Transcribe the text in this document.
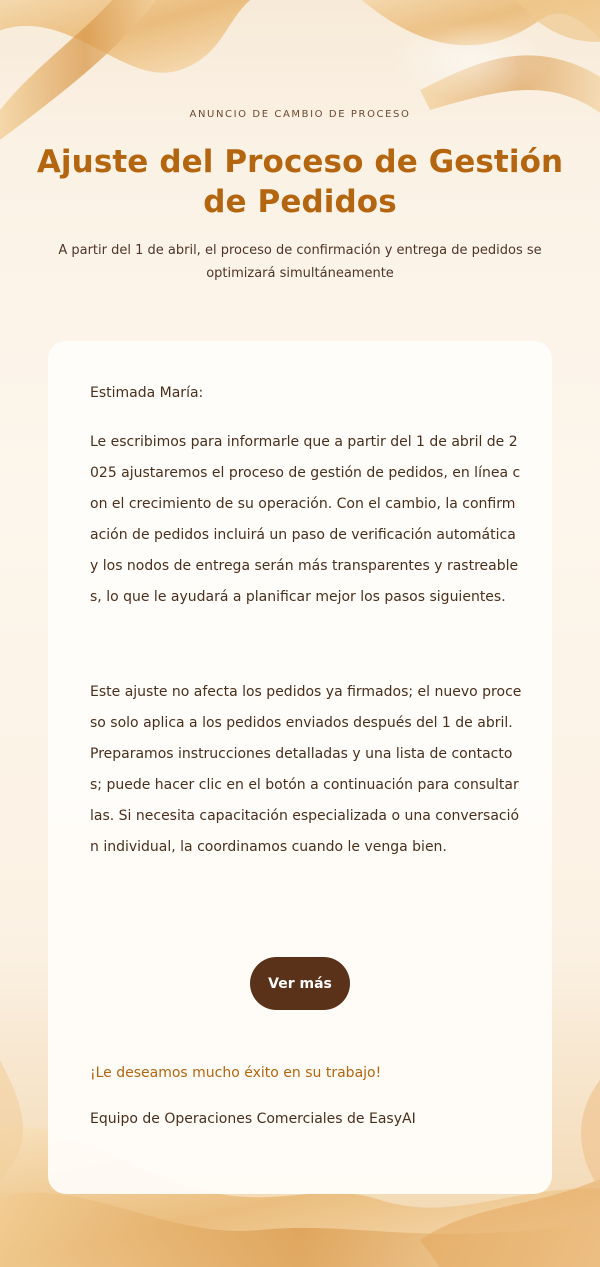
ANUNCIO DE CAMBIO DE PROCESO
Ajuste del Proceso de Gestión de Pedidos

A partir del 1 de abril, el proceso de confirmación y entrega de pedidos se optimizará simultáneamente

Estimada María:

Le escribimos para informarle que a partir del 1 de abril de 2025 ajustaremos el proceso de gestión de pedidos, en línea con el crecimiento de su operación. Con el cambio, la confirmación de pedidos incluirá un paso de verificación automática y los nodos de entrega serán más transparentes y rastreables, lo que le ayudará a planificar mejor los pasos siguientes.

Este ajuste no afecta los pedidos ya firmados; el nuevo proceso solo aplica a los pedidos enviados después del 1 de abril. Preparamos instrucciones detalladas y una lista de contactos; puede hacer clic en el botón a continuación para consultarlas. Si necesita capacitación especializada o una conversación individual, la coordinamos cuando le venga bien.

Ver más

¡Le deseamos mucho éxito en su trabajo!

Equipo de Operaciones Comerciales de EasyAI
